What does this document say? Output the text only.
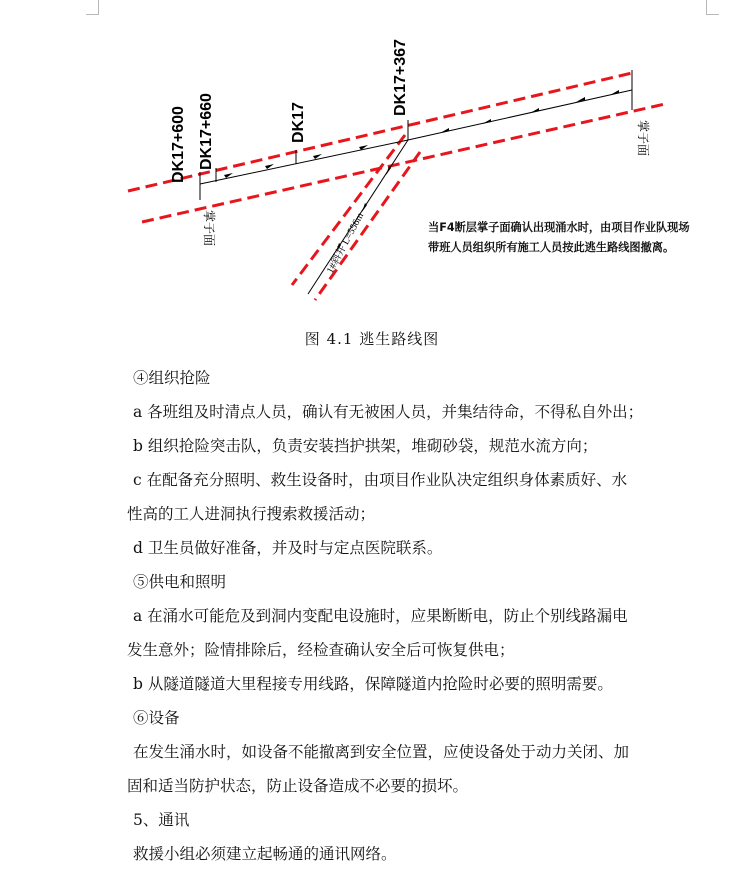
DK17+600 DK17+660	DK17
DK17+367
掌子面
掌子面
1#斜井 L=556m	当F4断层掌子面确认出现涌水时，由项目作业队现场带班人员组织所有施工人员按此逃生路线图撤离。
图 4.1 逃生路线图
④组织抢险
a 各班组及时清点人员，确认有无被困人员，并集结待命，不得私自外出；
b 组织抢险突击队，负责安装挡护拱架，堆砌砂袋，规范水流方向；
c 在配备充分照明、救生设备时，由项目作业队决定组织身体素质好、水
性高的工人进洞执行搜索救援活动；
d 卫生员做好准备，并及时与定点医院联系。
⑤供电和照明
a 在涌水可能危及到洞内变配电设施时，应果断断电，防止个别线路漏电
发生意外；险情排除后，经检查确认安全后可恢复供电；
b 从隧道隧道大里程接专用线路，保障隧道内抢险时必要的照明需要。
⑥设备
在发生涌水时，如设备不能撤离到安全位置，应使设备处于动力关闭、加
固和适当防护状态，防止设备造成不必要的损坏。
5、通讯
救援小组必须建立起畅通的通讯网络。
